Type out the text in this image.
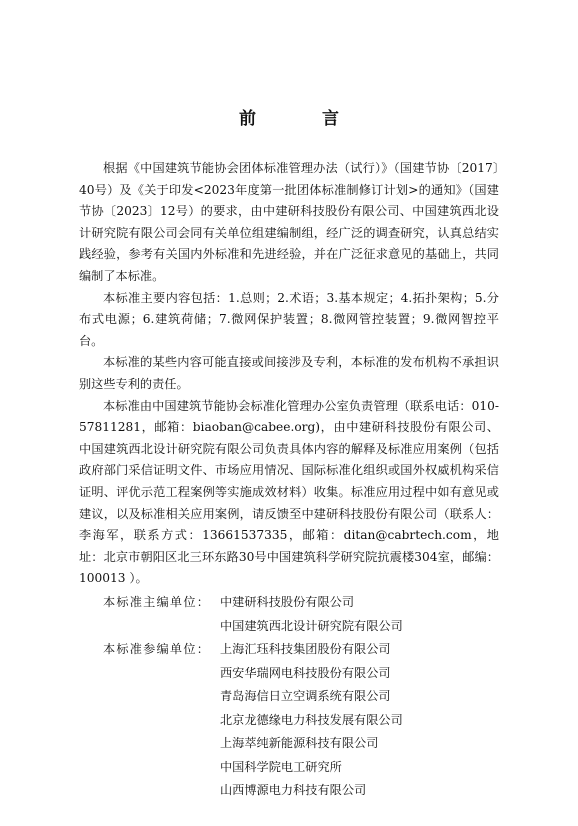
前 言

根据《中国建筑节能协会团体标准管理办法（试行）》（国建节协〔2017〕40号）及《关于印发<2023年度第一批团体标准制修订计划>的通知》（国建节协〔2023〕12号）的要求，由中建研科技股份有限公司、中国建筑西北设计研究院有限公司会同有关单位组建编制组，经广泛的调查研究，认真总结实践经验，参考有关国内外标准和先进经验，并在广泛征求意见的基础上，共同编制了本标准。

本标准主要内容包括：1.总则；2.术语；3.基本规定；4.拓扑架构；5.分布式电源；6.建筑荷储；7.微网保护装置；8.微网管控装置；9.微网智控平台。

本标准的某些内容可能直接或间接涉及专利，本标准的发布机构不承担识别这些专利的责任。

本标准由中国建筑节能协会标准化管理办公室负责管理（联系电话：010-57811281，邮箱：biaoban@cabee.org)，由中建研科技股份有限公司、中国建筑西北设计研究院有限公司负责具体内容的解释及标准应用案例（包括政府部门采信证明文件、市场应用情况、国际标准化组织或国外权威机构采信证明、评优示范工程案例等实施成效材料）收集。标准应用过程中如有意见或建议，以及标准相关应用案例，请反馈至中建研科技股份有限公司（联系人：李海军，联系方式：13661537335，邮箱：ditan@cabrtech.com，地址：北京市朝阳区北三环东路30号中国建筑科学研究院抗震楼304室，邮编：100013 ）。

本标准主编单位： 中建研科技股份有限公司
中国建筑西北设计研究院有限公司
本标准参编单位： 上海汇珏科技集团股份有限公司
西安华瑞网电科技股份有限公司
青岛海信日立空调系统有限公司
北京龙德缘电力科技发展有限公司
上海萃纯新能源科技有限公司
中国科学院电工研究所
山西博源电力科技有限公司
